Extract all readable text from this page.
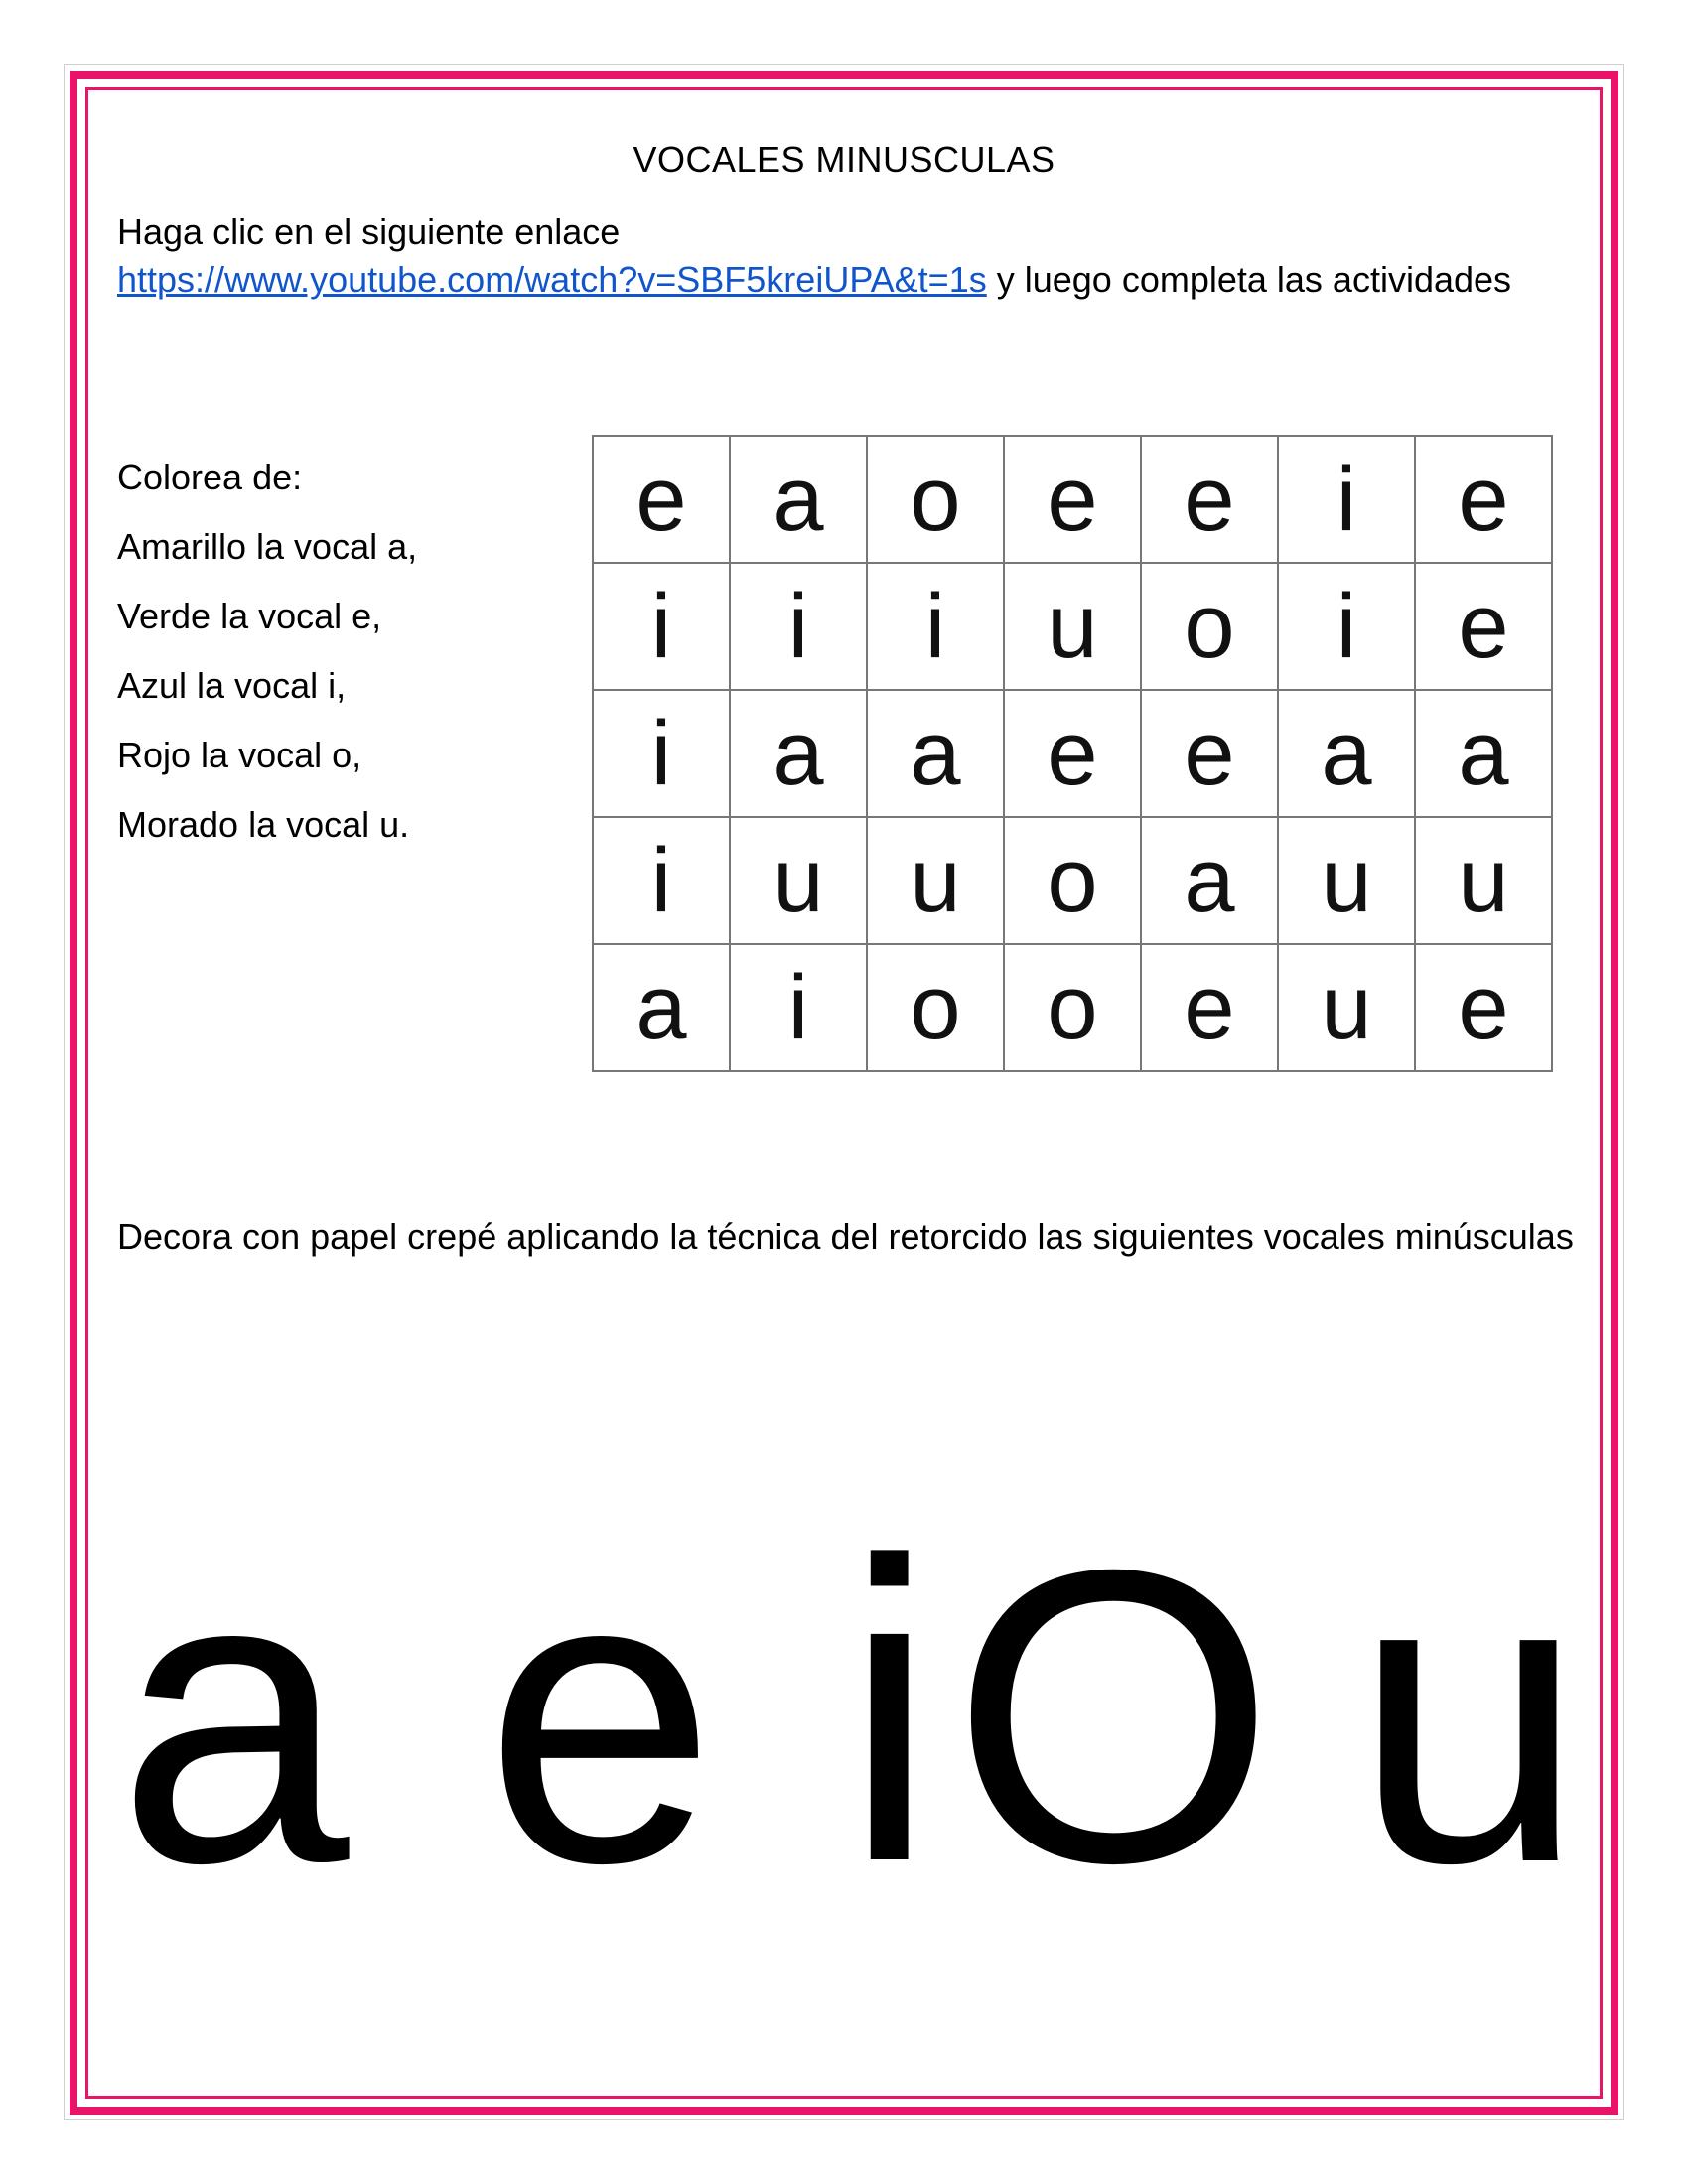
VOCALES MINUSCULAS
Haga clic en el siguiente enlace
https://www.youtube.com/watch?v=SBF5kreiUPA&t=1s y luego completa las actividades
Colorea de:
Amarillo la vocal a,
Verde la vocal e,
Azul la vocal i,
Rojo la vocal o,
Morado la vocal u.
e	a	o	e	e	i	e
i	i	i	u	o	i	e
i	a	a	e	e	a	a
i	u	u	o	a	u	u
a	i	o	o	e	u	e
Decora con papel crepé aplicando la técnica del retorcido las siguientes vocales minúsculas
a e i O u
